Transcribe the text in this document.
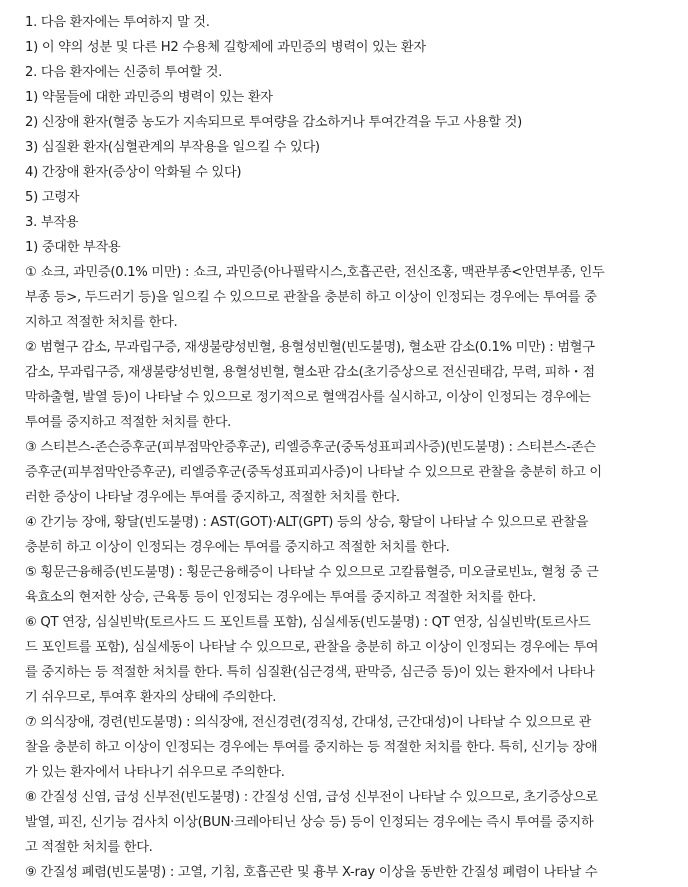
1. 다음 환자에는 투여하지 말 것.
1) 이 약의 성분 및 다른 H2 수용체 길항제에 과민증의 병력이 있는 환자
2. 다음 환자에는 신중히 투여할 것.
1) 약물들에 대한 과민증의 병력이 있는 환자
2) 신장애 환자(혈중 농도가 지속되므로 투여량을 감소하거나 투여간격을 두고 사용할 것)
3) 심질환 환자(심혈관계의 부작용을 일으킬 수 있다)
4) 간장애 환자(증상이 악화될 수 있다)
5) 고령자
3. 부작용
1) 중대한 부작용
① 쇼크, 과민증(0.1% 미만) : 쇼크, 과민증(아나필락시스,호흡곤란, 전신조홍, 맥관부종<안면부종, 인두
부종 등>, 두드러기 등)을 일으킬 수 있으므로 관찰을 충분히 하고 이상이 인정되는 경우에는 투여를 중
지하고 적절한 처치를 한다.
② 범혈구 감소, 무과립구증, 재생불량성빈혈, 용혈성빈혈(빈도불명), 혈소판 감소(0.1% 미만) : 범혈구
감소, 무과립구증, 재생불량성빈혈, 용혈성빈혈, 혈소판 감소(초기증상으로 전신권태감, 무력, 피하・점
막하출혈, 발열 등)이 나타날 수 있으므로 정기적으로 혈액검사를 실시하고, 이상이 인정되는 경우에는
투여를 중지하고 적절한 처치를 한다.
③ 스티븐스-존슨증후군(피부점막안증후군), 리엘증후군(중독성표피괴사증)(빈도불명) : 스티븐스-존슨
증후군(피부점막안증후군), 리엘증후군(중독성표피괴사증)이 나타날 수 있으므로 관찰을 충분히 하고 이
러한 증상이 나타날 경우에는 투여를 중지하고, 적절한 처치를 한다.
④ 간기능 장애, 황달(빈도불명) : AST(GOT)·ALT(GPT) 등의 상승, 황달이 나타날 수 있으므로 관찰을
충분히 하고 이상이 인정되는 경우에는 투여를 중지하고 적절한 처치를 한다.
⑤ 횡문근융해증(빈도불명) : 횡문근융해증이 나타날 수 있으므로 고칼륨혈증, 미오글로빈뇨, 혈청 중 근
육효소의 현저한 상승, 근육통 등이 인정되는 경우에는 투여를 중지하고 적절한 처치를 한다.
⑥ QT 연장, 심실빈박(토르사드 드 포인트를 포함), 심실세동(빈도불명) : QT 연장, 심실빈박(토르사드
드 포인트를 포함), 심실세동이 나타날 수 있으므로, 관찰을 충분히 하고 이상이 인정되는 경우에는 투여
를 중지하는 등 적절한 처치를 한다. 특히 심질환(심근경색, 판막증, 심근증 등)이 있는 환자에서 나타나
기 쉬우므로, 투여후 환자의 상태에 주의한다.
⑦ 의식장애, 경련(빈도불명) : 의식장애, 전신경련(경직성, 간대성, 근간대성)이 나타날 수 있으므로 관
찰을 충분히 하고 이상이 인정되는 경우에는 투여를 중지하는 등 적절한 처치를 한다. 특히, 신기능 장애
가 있는 환자에서 나타나기 쉬우므로 주의한다.
⑧ 간질성 신염, 급성 신부전(빈도불명) : 간질성 신염, 급성 신부전이 나타날 수 있으므로, 초기증상으로
발열, 피진, 신기능 검사치 이상(BUN·크레아티닌 상승 등) 등이 인정되는 경우에는 즉시 투여를 중지하
고 적절한 처치를 한다.
⑨ 간질성 폐렴(빈도불명) : 고열, 기침, 호흡곤란 및 흉부 X-ray 이상을 동반한 간질성 폐렴이 나타날 수
